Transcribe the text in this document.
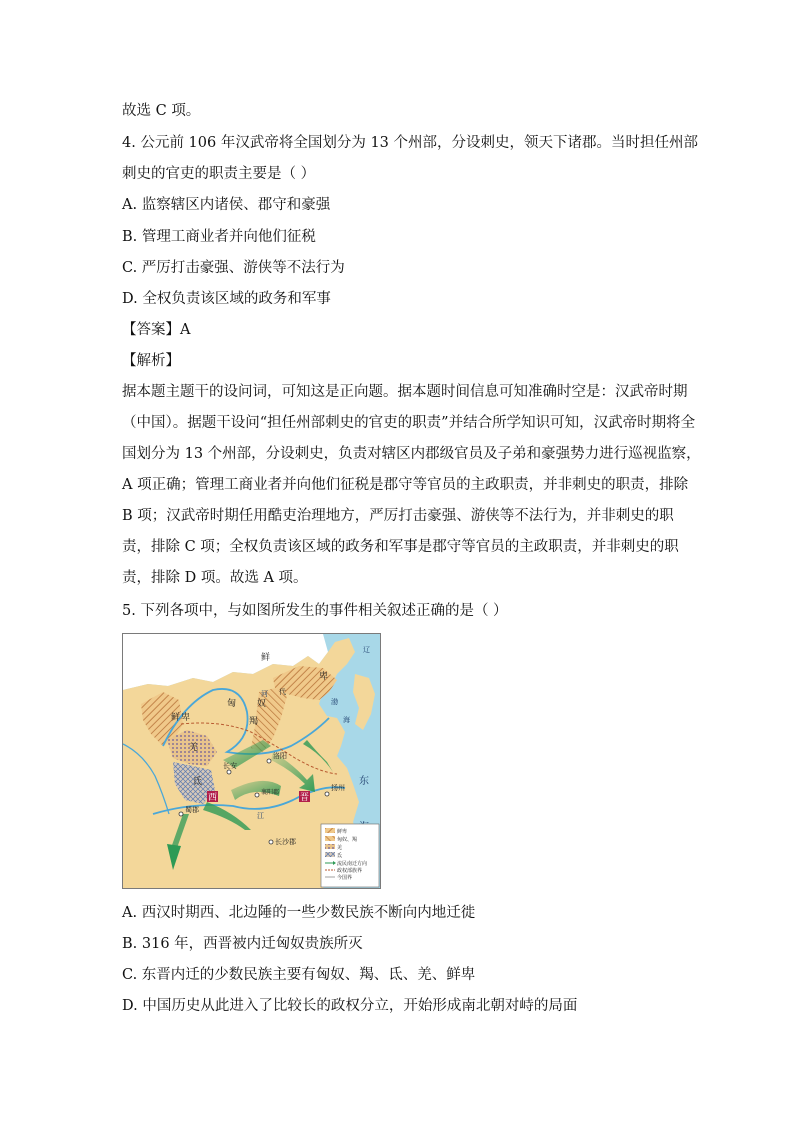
故选 C 项。
4. 公元前 106 年汉武帝将全国划分为 13 个州部，分设刺史，领天下诸郡。当时担任州部
刺史的官吏的职责主要是（ ）
A. 监察辖区内诸侯、郡守和豪强
B. 管理工商业者并向他们征税
C. 严厉打击豪强、游侠等不法行为
D. 全权负责该区域的政务和军事
【答案】A
【解析】
据本题主题干的设问词，可知这是正向题。据本题时间信息可知准确时空是：汉武帝时期
（中国）。据题干设问“担任州部刺史的官吏的职责”并结合所学知识可知，汉武帝时期将全
国划分为 13 个州部，分设刺史，负责对辖区内郡级官员及子弟和豪强势力进行巡视监察，
A 项正确；管理工商业者并向他们征税是郡守等官员的主政职责，并非刺史的职责，排除
B 项；汉武帝时期任用酷吏治理地方，严厉打击豪强、游侠等不法行为，并非刺史的职
责，排除 C 项；全权负责该区域的政务和军事是郡守等官员的主政职责，并非刺史的职
责，排除 D 项。故选 A 项。
5. 下列各项中，与如图所发生的事件相关叙述正确的是（ ）
鲜
卑
代
鲜 卑
匈 奴
羯
羌
氐
河
长安
洛阳
襄阳郡
蜀郡
扬州
长沙郡
江
辽
渤
海
东
西	晋
鲜卑
匈奴、羯
羌
氐
流民南迁方向
政权部族界
今国界
A. 西汉时期西、北边陲的一些少数民族不断向内地迁徙
B. 316 年，西晋被内迁匈奴贵族所灭
C. 东晋内迁的少数民族主要有匈奴、羯、氐、羌、鲜卑
D. 中国历史从此进入了比较长的政权分立，开始形成南北朝对峙的局面
